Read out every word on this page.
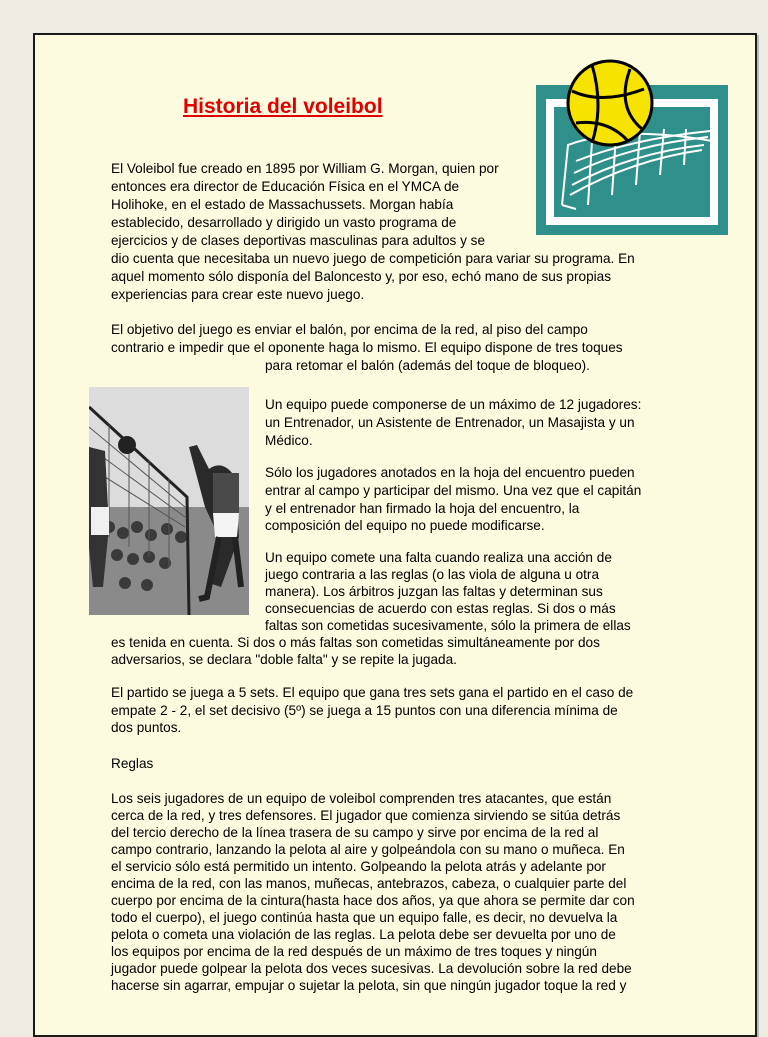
Historia del voleibol
El Voleibol fue creado en 1895 por William G. Morgan, quien por
entonces era director de Educación Física en el YMCA de
Holihoke, en el estado de Massachussets. Morgan había
establecido, desarrollado y dirigido un vasto programa de
ejercicios y de clases deportivas masculinas para adultos y se
dio cuenta que necesitaba un nuevo juego de competición para variar su programa. En
aquel momento sólo disponía del Baloncesto y, por eso, echó mano de sus propias
experiencias para crear este nuevo juego.
El objetivo del juego es enviar el balón, por encima de la red, al piso del campo
contrario e impedir que el oponente haga lo mismo. El equipo dispone de tres toques
para retomar el balón (además del toque de bloqueo).
Un equipo puede componerse de un máximo de 12 jugadores:
un Entrenador, un Asistente de Entrenador, un Masajista y un
Médico.
Sólo los jugadores anotados en la hoja del encuentro pueden
entrar al campo y participar del mismo. Una vez que el capitán
y el entrenador han firmado la hoja del encuentro, la
composición del equipo no puede modificarse.
Un equipo comete una falta cuando realiza una acción de
juego contraria a las reglas (o las viola de alguna u otra
manera). Los árbitros juzgan las faltas y determinan sus
consecuencias de acuerdo con estas reglas. Si dos o más
faltas son cometidas sucesivamente, sólo la primera de ellas
es tenida en cuenta. Si dos o más faltas son cometidas simultáneamente por dos
adversarios, se declara "doble falta" y se repite la jugada.
El partido se juega a 5 sets. El equipo que gana tres sets gana el partido en el caso de
empate 2 - 2, el set decisivo (5º) se juega a 15 puntos con una diferencia mínima de
dos puntos.
Reglas
Los seis jugadores de un equipo de voleibol comprenden tres atacantes, que están
cerca de la red, y tres defensores. El jugador que comienza sirviendo se sitúa detrás
del tercio derecho de la línea trasera de su campo y sirve por encima de la red al
campo contrario, lanzando la pelota al aire y golpeándola con su mano o muñeca. En
el servicio sólo está permitido un intento. Golpeando la pelota atrás y adelante por
encima de la red, con las manos, muñecas, antebrazos, cabeza, o cualquier parte del
cuerpo por encima de la cintura(hasta hace dos años, ya que ahora se permite dar con
todo el cuerpo), el juego continúa hasta que un equipo falle, es decir, no devuelva la
pelota o cometa una violación de las reglas. La pelota debe ser devuelta por uno de
los equipos por encima de la red después de un máximo de tres toques y ningún
jugador puede golpear la pelota dos veces sucesivas. La devolución sobre la red debe
hacerse sin agarrar, empujar o sujetar la pelota, sin que ningún jugador toque la red y
